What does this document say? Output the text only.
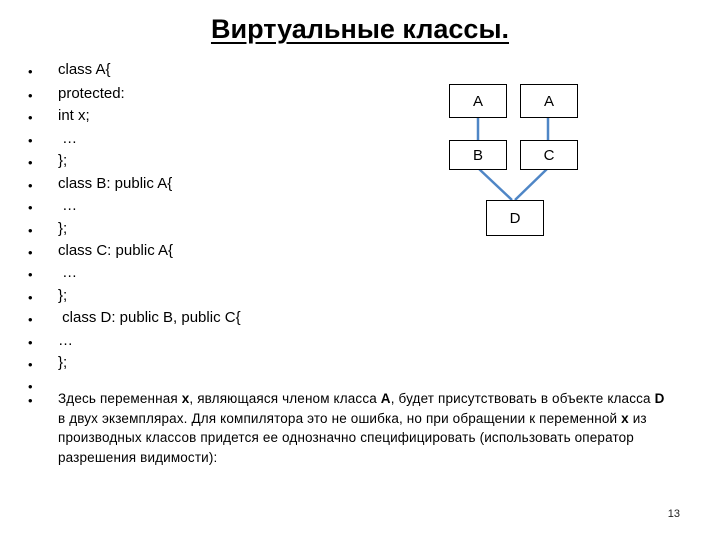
Виртуальные классы.
•
•
•
•
•
•
•
•
•
•
•
•
•
•
•
•
class A{
protected:
int x;
…
};
class B: public A{
…
};
class C: public A{
…
};
class D: public B, public C{
…
};
A	A
B	C
D
Здесь переменная x, являющаяся членом класса A, будет присутствовать в объекте класса D в двух экземплярах. Для компилятора это не ошибка, но при обращении к переменной x из производных классов придется ее однозначно специфицировать (использовать оператор разрешения видимости):
13
